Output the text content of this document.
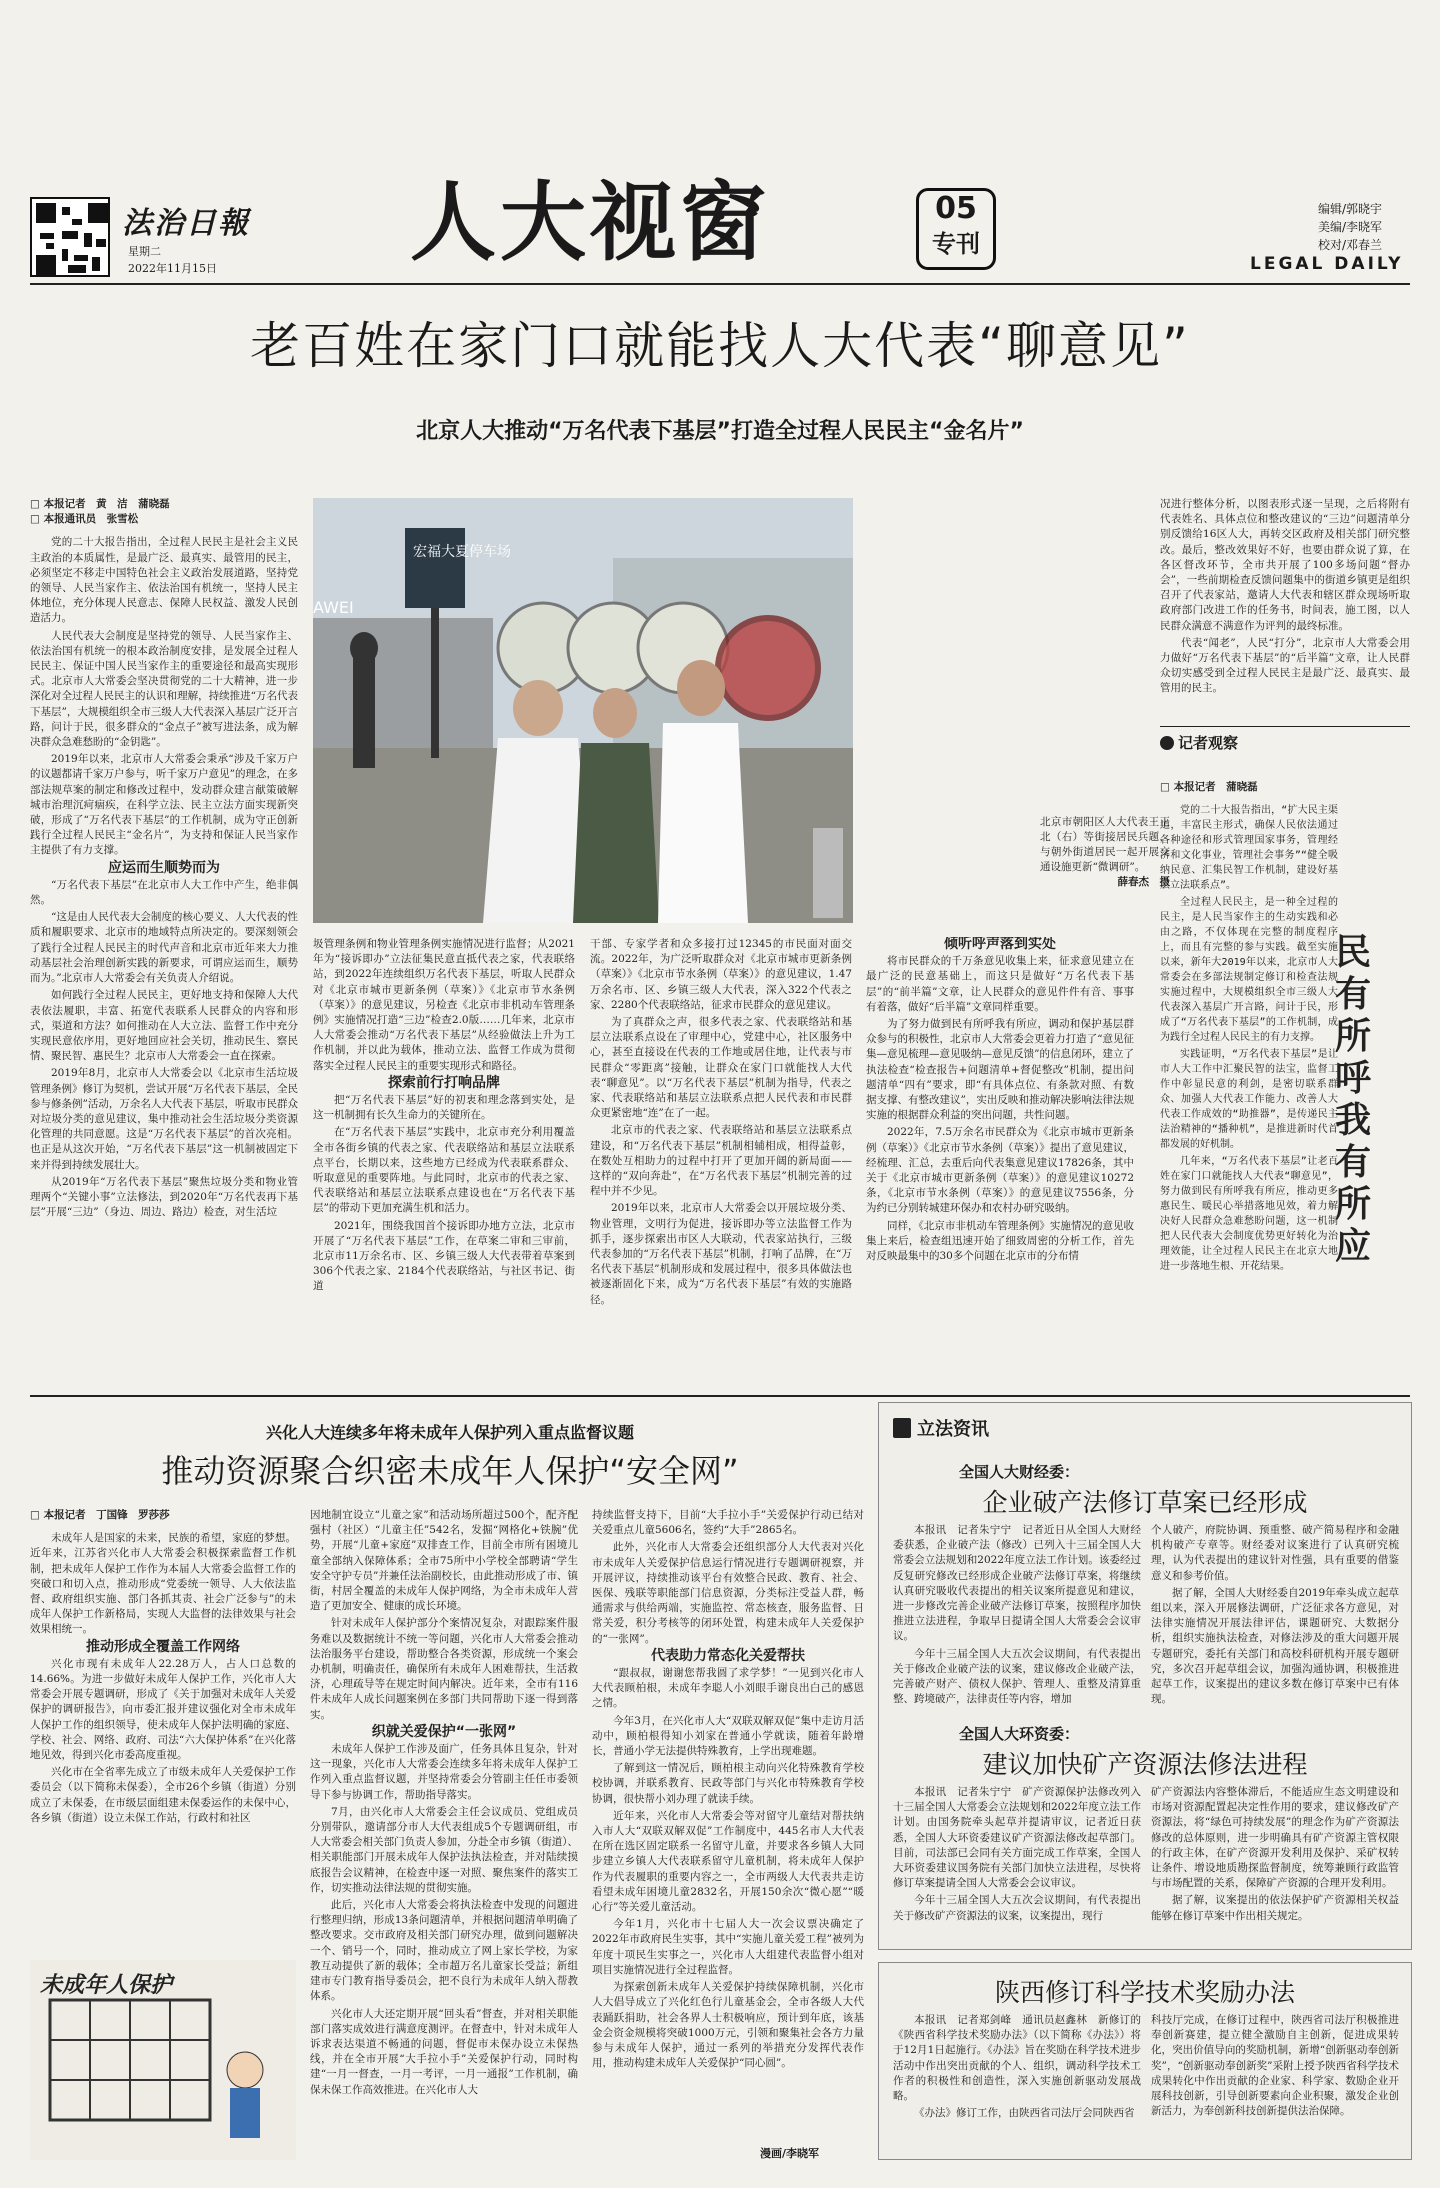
法治日報
星期二
2022年11月15日 人大视窗	05
专刊
编辑/郭晓宇
美编/李晓军
校对/邓春兰
LEGAL DAILY
老百姓在家门口就能找人大代表“聊意见”
北京人大推动“万名代表下基层”打造全过程人民民主“金名片”
□ 本报记者　黄　洁　蒲晓磊
□ 本报通讯员　张雪松

党的二十大报告指出，全过程人民民主是社会主义民主政治的本质属性，是最广泛、最真实、最管用的民主，必须坚定不移走中国特色社会主义政治发展道路，坚持党的领导、人民当家作主、依法治国有机统一，坚持人民主体地位，充分体现人民意志、保障人民权益、激发人民创造活力。

人民代表大会制度是坚持党的领导、人民当家作主、依法治国有机统一的根本政治制度安排，是发展全过程人民民主、保证中国人民当家作主的重要途径和最高实现形式。北京市人大常委会坚决贯彻党的二十大精神，进一步深化对全过程人民民主的认识和理解，持续推进“万名代表下基层”，大规模组织全市三级人大代表深入基层广泛开言路，问计于民，很多群众的“金点子”被写进法条，成为解决群众急难愁盼的“金钥匙”。

2019年以来，北京市人大常委会秉承“涉及千家万户的议题都请千家万户参与，听千家万户意见”的理念，在多部法规草案的制定和修改过程中，发动群众建言献策破解城市治理沉疴痼疾，在科学立法、民主立法方面实现新突破，形成了“万名代表下基层”的工作机制，成为守正创新践行全过程人民民主“金名片”，为支持和保证人民当家作主提供了有力支撑。

应运而生顺势而为

“万名代表下基层”在北京市人大工作中产生，绝非偶然。

“这是由人民代表大会制度的核心要义、人大代表的性质和履职要求、北京市的地域特点所决定的。要深刻领会了践行全过程人民民主的时代声音和北京市近年来大力推动基层社会治理创新实践的新要求，可谓应运而生，顺势而为。”北京市人大常委会有关负责人介绍说。

如何践行全过程人民民主，更好地支持和保障人大代表依法履职，丰富、拓宽代表联系人民群众的内容和形式，渠道和方法？如何推动在人大立法、监督工作中充分实现民意依序用，更好地回应社会关切，推动民生、察民情、聚民智、惠民生？北京市人大常委会一直在探索。

2019年8月，北京市人大常委会以《北京市生活垃圾管理条例》修订为契机，尝试开展“万名代表下基层，全民参与修条例”活动，万余名人大代表下基层，听取市民群众对垃圾分类的意见建议，集中推动社会生活垃圾分类资源化管理的共同意愿。这是“万名代表下基层”的首次亮相。也正是从这次开始，“万名代表下基层”这一机制被固定下来并得到持续发展壮大。

从2019年“万名代表下基层”聚焦垃圾分类和物业管理两个“关键小事”立法修法，到2020年“万名代表再下基层”开展“三边”（身边、周边、路边）检查，对生活垃

宏福大夏停车场
AWEI
北京市朝阳区人大代表王正北（右）等街接居民兵题，与朝外街道居民一起开展交通设施更新“微调研”。
薛春杰　摄

圾管理条例和物业管理条例实施情况进行监督；从2021年为“接诉即办”立法征集民意直抵代表之家，代表联络站，到2022年连续组织万名代表下基层，听取人民群众对《北京市城市更新条例（草案）》《北京市节水条例（草案）》的意见建议，另检查《北京市非机动车管理条例》实施情况打造“三边”检查2.0版……几年来，北京市人大常委会推动“万名代表下基层”从经验做法上升为工作机制，并以此为载体，推动立法、监督工作成为贯彻落实全过程人民民主的重要实现形式和路径。

探索前行打响品牌

把“万名代表下基层”好的初衷和理念落到实处，是这一机制拥有长久生命力的关键所在。

在“万名代表下基层”实践中，北京市充分利用覆盖全市各街乡镇的代表之家、代表联络站和基层立法联系点平台，长期以来，这些地方已经成为代表联系群众、听取意见的重要阵地。与此同时，北京市的代表之家、代表联络站和基层立法联系点建设也在“万名代表下基层”的带动下更加充满生机和活力。

2021年，围绕我国首个接诉即办地方立法，北京市开展了“万名代表下基层”工作，在草案二审和三审前，北京市11万余名市、区、乡镇三级人大代表带着草案到306个代表之家、2184个代表联络站，与社区书记、街道

干部、专家学者和众多接打过12345的市民面对面交流。2022年，为广泛听取群众对《北京市城市更新条例（草案）》《北京市节水条例（草案）》的意见建议，1.47万余名市、区、乡镇三级人大代表，深入322个代表之家、2280个代表联络站，征求市民群众的意见建议。

为了真群众之声，很多代表之家、代表联络站和基层立法联系点设在了审理中心，党建中心，社区服务中心，甚至直接设在代表的工作地或居住地，让代表与市民群众“零距离”接触，让群众在家门口就能找人大代表“聊意见”。以“万名代表下基层”机制为指导，代表之家、代表联络站和基层立法联系点把人民代表和市民群众更紧密地“连”在了一起。

北京市的代表之家、代表联络站和基层立法联系点建设，和“万名代表下基层”机制相辅相成，相得益彰，在数处互相助力的过程中打开了更加开阔的新局面——这样的“双向奔赴”，在“万名代表下基层”机制完善的过程中并不少见。

2019年以来，北京市人大常委会以开展垃圾分类、物业管理，文明行为促进，接诉即办等立法监督工作为抓手，逐步探索出市区人大联动，代表家站执行，三级代表参加的“万名代表下基层”机制，打响了品牌，在“万名代表下基层”机制形成和发展过程中，很多具体做法也被逐渐固化下来，成为“万名代表下基层”有效的实施路径。

倾听呼声落到实处

将市民群众的千万条意见收集上来，征求意见建立在最广泛的民意基础上，而这只是做好“万名代表下基层”的“前半篇”文章，让人民群众的意见件件有音、事事有着落，做好“后半篇”文章同样重要。

为了努力做到民有所呼我有所应，调动和保护基层群众参与的积极性，北京市人大常委会更着力打造了“意见征集—意见梳理—意见吸纳—意见反馈”的信息闭环，建立了执法检查“检查报告+问题清单+督促整改”机制，提出问题清单“四有”要求，即“有具体点位、有条款对照、有数据支撑、有整改建议”，实出反映和推动解决影响法律法规实施的根据群众利益的突出问题，共性问题。

2022年，7.5万余名市民群众为《北京市城市更新条例（草案）》《北京市节水条例（草案）》提出了意见建议，经梳理、汇总，去重后向代表集意见建议17826条，其中关于《北京市城市更新条例（草案）》的意见建议10272条，《北京市节水条例（草案）》的意见建议7556条，分为约已分别转城建环保办和农村办研究吸纳。

同样，《北京市非机动车管理条例》实施情况的意见收集上来后，检查组迅速开始了细致周密的分析工作，首先对反映最集中的30多个问题在北京市的分布情

况进行整体分析，以图表形式逐一呈现，之后将附有代表姓名、具体点位和整改建议的“三边”问题清单分别反馈给16区人大，再转交区政府及相关部门研究整改。最后，整改效果好不好，也要由群众说了算，在各区督改环节，全市共开展了100多场问题“督办会”，一些前期检查反馈问题集中的街道乡镇更是组织召开了代表家站，邀请人大代表和辖区群众现场听取政府部门改进工作的任务书，时间表，施工图，以人民群众满意不满意作为评判的最终标准。

代表“闻老”，人民“打分”，北京市人大常委会用力做好“万名代表下基层”的“后半篇”文章，让人民群众切实感受到全过程人民民主是最广泛、最真实、最管用的民主。

记者观察
□ 本报记者　蒲晓磊

党的二十大报告指出，“扩大民主渠道，丰富民主形式，确保人民依法通过各种途径和形式管理国家事务，管理经济和文化事业，管理社会事务”“健全吸纳民意、汇集民智工作机制，建设好基层立法联系点”。

全过程人民民主，是一种全过程的民主，是人民当家作主的生动实践和必由之路，不仅体现在完整的制度程序上，而且有完整的参与实践。截至实施以来，新年大2019年以来，北京市人大常委会在多部法规制定修订和检查法规实施过程中，大规模组织全市三级人大代表深入基层广开言路，问计于民，形成了“万名代表下基层”的工作机制，成为践行全过程人民民主的有力支撑。

实践证明，“万名代表下基层”是让市人大工作中汇聚民智的法宝，监督工作中彰显民意的利剑，是密切联系群众、加强人大代表工作能力、改善人大代表工作成效的“助推器”，是传递民主法治精神的“播种机”，是推进新时代首都发展的好机制。

几年来，“万名代表下基层”让老百姓在家门口就能找人大代表“聊意见”，努力做到民有所呼我有所应，推动更多惠民生、暖民心举措落地见效，着力解决好人民群众急难愁盼问题，这一机制把人民代表大会制度优势更好转化为治理效能，让全过程人民民主在北京大地进一步落地生根、开花结果。

民有所呼我有所应
兴化人大连续多年将未成年人保护列入重点监督议题
推动资源聚合织密未成年人保护“安全网”
□ 本报记者　丁国锋　罗莎莎

未成年人是国家的未来，民族的希望，家庭的梦想。近年来，江苏省兴化市人大常委会积极探索监督工作机制，把未成年人保护工作作为本届人大常委会监督工作的突破口和切入点，推动形成“党委统一领导、人大依法监督、政府组织实施、部门各抓其责、社会广泛参与”的未成年人保护工作新格局，实现人大监督的法律效果与社会效果相统一。

推动形成全覆盖工作网络

兴化市现有未成年人22.28万人，占人口总数的14.66%。为进一步做好未成年人保护工作，兴化市人大常委会开展专题调研，形成了《关于加强对未成年人关爱保护的调研报告》，向市委汇报并建议强化对全市未成年人保护工作的组织领导，使未成年人保护法明确的家庭、学校、社会、网络、政府、司法“六大保护体系”在兴化落地见效，得到兴化市委高度重视。

兴化市在全省率先成立了市级未成年人关爱保护工作委员会（以下简称未保委），全市26个乡镇（街道）分别成立了未保委，在市级层面组建未保委运作的未保中心，各乡镇（街道）设立未保工作站，行政村和社区

未成年人保护

因地制宜设立“儿童之家”和活动场所超过500个，配齐配强村（社区）“儿童主任”542名，发掘“网格化+铁腕”优势，开展“儿童+家庭”双排查工作，目前全市所有困境儿童全部纳入保障体系；全市75所中小学校全部聘请“学生安全守护专员”并兼任法治副校长，由此推动形成了市、镇街，村居全覆盖的未成年人保护网络，为全市未成年人营造了更加安全、健康的成长环境。

针对未成年人保护部分个案情况复杂，对跟踪案件服务难以及数据统计不统一等问题，兴化市人大常委会推动法治服务平台建设，帮助整合各类资源，形成统一个案会办机制，明确责任，确保所有未成年人困难帮扶，生活救济，心理疏导等在规定时间内解决。近年来，全市有116件未成年人成长问题案例在多部门共同帮助下逐一得到落实。

织就关爱保护“一张网”

未成年人保护工作涉及面广，任务具体且复杂，针对这一现象，兴化市人大常委会连续多年将未成年人保护工作列入重点监督议题，并坚持常委会分管副主任任市委领导下参与协调工作，帮助指导落实。

7月，由兴化市人大常委会主任会议成员、党组成员分别带队，邀请部分市人大代表组成5个专题调研组，市人大常委会相关部门负责人参加，分赴全市乡镇（街道）、相关职能部门开展未成年人保护法执法检查，并对陆续摸底报告会议精神，在检查中逐一对照、聚焦案件的落实工作，切实推动法律法规的贯彻实施。

此后，兴化市人大常委会将执法检查中发现的问题进行整理归纳，形成13条问题清单，并根据问题清单明确了整改要求。交市政府及相关部门研究办理，做到问题解决一个、销号一个，同时，推动成立了网上家长学校，为家教互动提供了新的载体；全市超万名儿童家长受益；新组建市专门教育指导委员会，把不良行为未成年人纳入帮教体系。

兴化市人大还定期开展“回头看”督查，并对相关职能部门落实成效进行满意度测评。在督查中，针对未成年人诉求表达渠道不畅通的问题，督促市未保办设立未保热线，并在全市开展“大手拉小手”关爱保护行动，同时构建“一月一督查，一月一考评，一月一通报”工作机制，确保未保工作高效推进。在兴化市人大

持续监督支持下，目前“大手拉小手”关爱保护行动已结对关爱重点儿童5606名，签约“大手”2865名。

此外，兴化市人大常委会还组织部分人大代表对兴化市未成年人关爱保护信息运行情况进行专题调研视察，并开展评议，持续推动该平台有效整合民政、教育、社会、医保、残联等职能部门信息资源，分类标注受益人群，畅通需求与供给两端，实施监控、常态核查，服务监督、日常关爱，积分考核等的闭环处置，构建未成年人关爱保护的“一张网”。

代表助力常态化关爱帮扶

“跟叔叔，谢谢您帮我圆了求学梦！”一见到兴化市人大代表顾柏根，未成年李聪人小刘眼手谢良出白己的感恩之情。

今年3月，在兴化市人大“双联双解双促”集中走访月活动中，顾柏根得知小刘家在普通小学就读，随着年龄增长，普通小学无法提供特殊教育，上学出现难题。

了解到这一情况后，顾柏根主动向兴化特殊教育学校校协调，并联系教育、民政等部门与兴化市特殊教育学校协调，很快帮小刘办理了就读手续。

近年来，兴化市人大常委会等对留守儿童结对帮扶纳入市人大“双联双解双促”工作制度中，445名市人大代表在所在选区固定联系一名留守儿童，并要求各乡镇人大同步建立乡镇人大代表联系留守儿童机制，将未成年人保护作为代表履职的重要内容之一，全市两级人大代表共走访看望未成年困境儿童2832名，开展150余次“微心愿”“暖心行”等关爱儿童活动。

今年1月，兴化市十七届人大一次会议票决确定了2022年市政府民生实事，其中“实施儿童关爱工程”被列为年度十项民生实事之一，兴化市人大组建代表监督小组对项目实施情况进行全过程监督。

为探索创新未成年人关爱保护持续保障机制，兴化市人大倡导成立了兴化红色行儿童基金会，全市各级人大代表踊跃捐助，社会各界人士积极响应，预计到年底，该基金会资金规模将突破1000万元，引领和聚集社会各方力量参与未成年人保护，通过一系列的举措充分发挥代表作用，推动构建未成年人关爱保护“同心圆”。

漫画/李晓军
立法资讯
全国人大财经委：
企业破产法修订草案已经形成

本报讯　记者朱宁宁　记者近日从全国人大财经委获悉，企业破产法（修改）已列入十三届全国人大常委会立法规划和2022年度立法工作计划。该委经过反复研究修改已经形成企业破产法修订草案，将继续认真研究吸收代表提出的相关议案所提意见和建议，进一步修改完善企业破产法修订草案，按照程序加快推进立法进程，争取早日提请全国人大常委会会议审议。

今年十三届全国人大五次会议期间，有代表提出关于修改企业破产法的议案，建议修改企业破产法，完善破产财产、债权人保护、管理人、重整及清算重整、跨境破产，法律责任等内容，增加

个人破产，府院协调、预重整、破产简易程序和金融机构破产专章等。财经委对议案进行了认真研究梳理，认为代表提出的建议针对性强，具有重要的借鉴意义和参考价值。

据了解，全国人大财经委自2019年牵头成立起草组以来，深入开展修法调研，广泛征求各方意见，对法律实施情况开展法律评估，课题研究、大数据分析，组织实施执法检查，对修法涉及的重大问题开展专题研究，委托有关部门和高校科研机构开展专题研究，多次召开起草组会议，加强沟通协调，积极推进起草工作，议案提出的建议多数在修订草案中已有体现。

全国人大环资委：
建议加快矿产资源法修法进程

本报讯　记者朱宁宁　矿产资源保护法修改列入十三届全国人大常委会立法规划和2022年度立法工作计划。由国务院牵头起草并提请审议，记者近日获悉，全国人大环资委建议矿产资源法修改起草部门。目前，司法部已会同有关方面完成工作草案，全国人大环资委建议国务院有关部门加快立法进程，尽快将修订草案提请全国人大常委会会议审议。

今年十三届全国人大五次会议期间，有代表提出关于修改矿产资源法的议案，议案提出，现行

矿产资源法内容整体滞后，不能适应生态文明建设和市场对资源配置起决定性作用的要求，建议修改矿产资源法，将“绿色可持续发展”的理念作为矿产资源法修改的总体原则，进一步明确具有矿产资源主管权限的行政主体，在矿产资源开发利用及保护、采矿权转让条件、增设地质勘探监督制度，统筹兼顾行政监管与市场配置的关系，保障矿产资源的合理开发利用。

据了解，议案提出的依法保护矿产资源相关权益能够在修订草案中作出相关规定。

陕西修订科学技术奖励办法

本报讯　记者郑剑峰　通讯员赵鑫林　新修订的《陕西省科学技术奖励办法》（以下简称《办法》）将于12月1日起施行。《办法》旨在奖励在科学技术进步活动中作出突出贡献的个人、组织，调动科学技术工作者的积极性和创造性，深入实施创新驱动发展战略。

《办法》修订工作，由陕西省司法厅会同陕西省

科技厅完成，在修订过程中，陕西省司法厅积极推进奉创新赛建，提立健全激励自主创新，促进成果转化，突出价值导向的奖励机制，新增“创新驱动奉创新奖”，“创新驱动奉创新奖”采附上授予陕西省科学技术成果转化中作出贡献的企业家、科学家、数励企业开展科技创新，引导创新要素向企业积聚，激发企业创新活力，为奉创新科技创新提供法治保障。
